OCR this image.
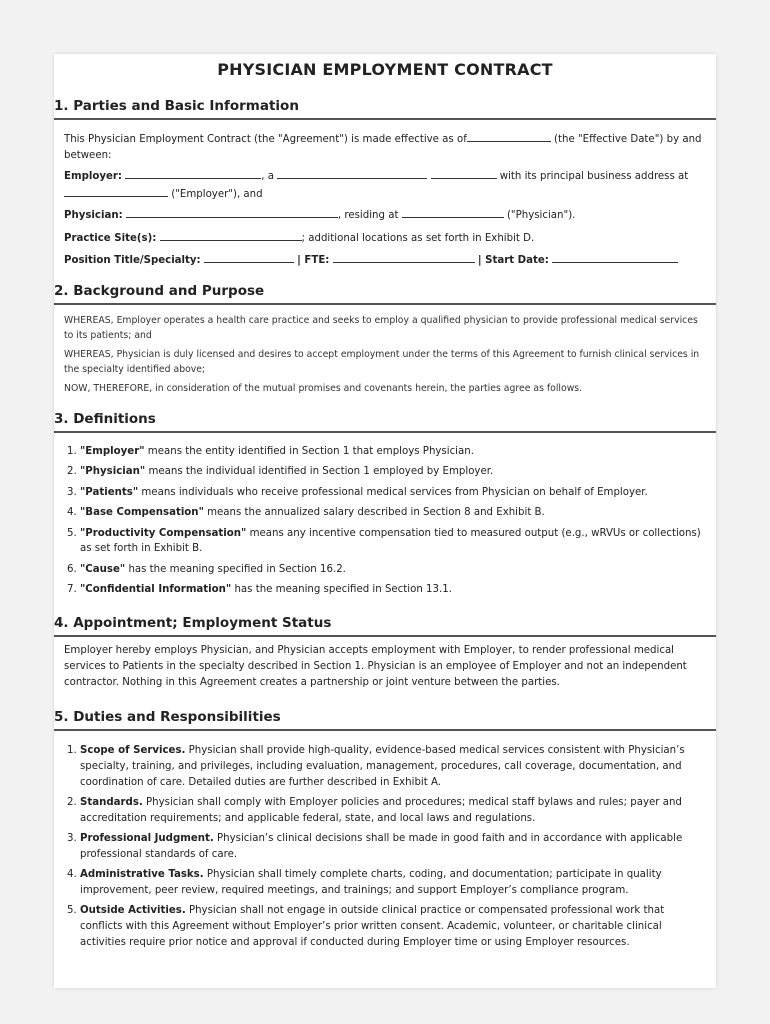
PHYSICIAN EMPLOYMENT CONTRACT
1. Parties and Basic Information
This Physician Employment Contract (the "Agreement") is made effective as of	(the "Effective Date") by and
between:
Employer:	, a	with its principal business address at
("Employer"), and
Physician:	, residing at	("Physician").
Practice Site(s):	; additional locations as set forth in Exhibit D.
Position Title/Specialty:	| FTE:	| Start Date:
2. Background and Purpose
WHEREAS, Employer operates a health care practice and seeks to employ a qualified physician to provide professional medical services to its patients; and
WHEREAS, Physician is duly licensed and desires to accept employment under the terms of this Agreement to furnish clinical services in the specialty identified above;
NOW, THEREFORE, in consideration of the mutual promises and covenants herein, the parties agree as follows.
3. Definitions
1. "Employer" means the entity identified in Section 1 that employs Physician.
2. "Physician" means the individual identified in Section 1 employed by Employer.
3. "Patients" means individuals who receive professional medical services from Physician on behalf of Employer.
4. "Base Compensation" means the annualized salary described in Section 8 and Exhibit B.
5. "Productivity Compensation" means any incentive compensation tied to measured output (e.g., wRVUs or collections) as set forth in Exhibit B.
6. "Cause" has the meaning specified in Section 16.2.
7. "Confidential Information" has the meaning specified in Section 13.1.
4. Appointment; Employment Status
Employer hereby employs Physician, and Physician accepts employment with Employer, to render professional medical services to Patients in the specialty described in Section 1. Physician is an employee of Employer and not an independent contractor. Nothing in this Agreement creates a partnership or joint venture between the parties.
5. Duties and Responsibilities
1. Scope of Services. Physician shall provide high-quality, evidence-based medical services consistent with Physician’s specialty, training, and privileges, including evaluation, management, procedures, call coverage, documentation, and coordination of care. Detailed duties are further described in Exhibit A.
2. Standards. Physician shall comply with Employer policies and procedures; medical staff bylaws and rules; payer and accreditation requirements; and applicable federal, state, and local laws and regulations.
3. Professional Judgment. Physician’s clinical decisions shall be made in good faith and in accordance with applicable professional standards of care.
4. Administrative Tasks. Physician shall timely complete charts, coding, and documentation; participate in quality improvement, peer review, required meetings, and trainings; and support Employer’s compliance program.
5. Outside Activities. Physician shall not engage in outside clinical practice or compensated professional work that conflicts with this Agreement without Employer’s prior written consent. Academic, volunteer, or charitable clinical activities require prior notice and approval if conducted during Employer time or using Employer resources.
